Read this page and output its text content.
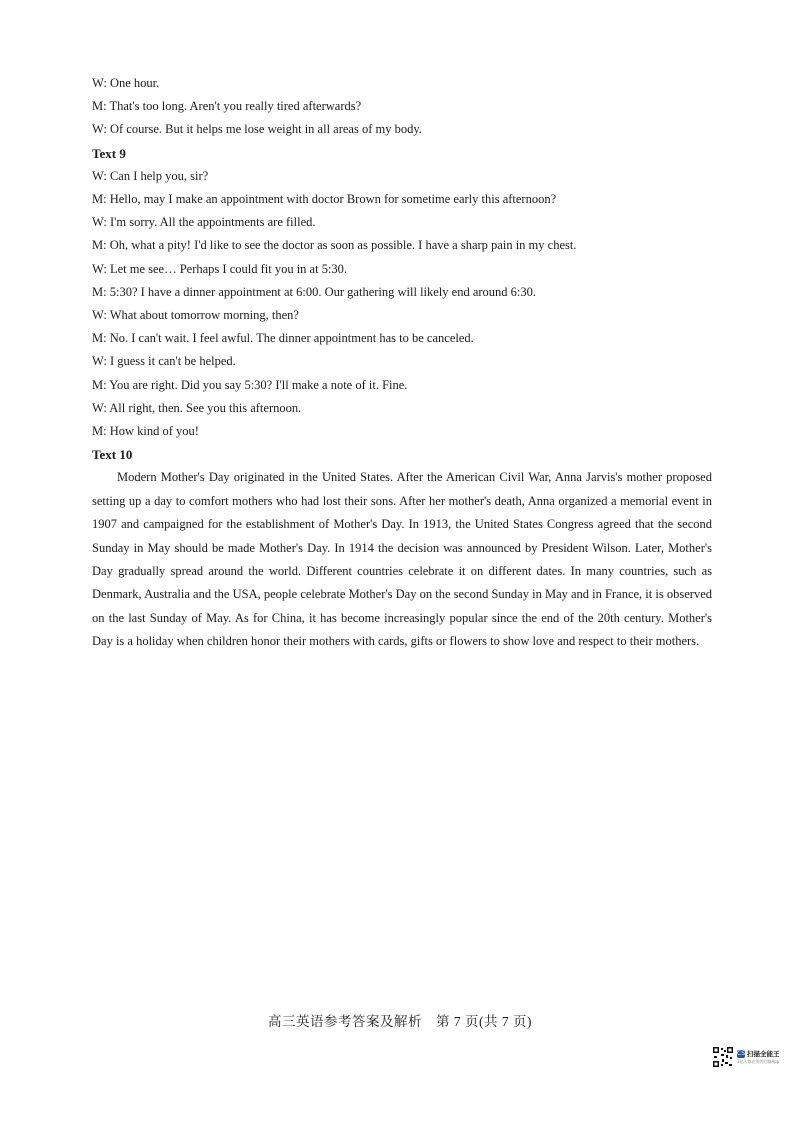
W: One hour.
M: That's too long. Aren't you really tired afterwards?
W: Of course. But it helps me lose weight in all areas of my body.
Text 9
W: Can I help you, sir?
M: Hello, may I make an appointment with doctor Brown for sometime early this afternoon?
W: I'm sorry. All the appointments are filled.
M: Oh, what a pity! I'd like to see the doctor as soon as possible. I have a sharp pain in my chest.
W: Let me see… Perhaps I could fit you in at 5:30.
M: 5:30? I have a dinner appointment at 6:00. Our gathering will likely end around 6:30.
W: What about tomorrow morning, then?
M: No. I can't wait. I feel awful. The dinner appointment has to be canceled.
W: I guess it can't be helped.
M: You are right. Did you say 5:30? I'll make a note of it. Fine.
W: All right, then. See you this afternoon.
M: How kind of you!
Text 10

Modern Mother's Day originated in the United States. After the American Civil War, Anna Jarvis's mother proposed setting up a day to comfort mothers who had lost their sons. After her mother's death, Anna organized a memorial event in 1907 and campaigned for the establishment of Mother's Day. In 1913, the United States Congress agreed that the second Sunday in May should be made Mother's Day. In 1914 the decision was announced by President Wilson. Later, Mother's Day gradually spread around the world. Different countries celebrate it on different dates. In many countries, such as Denmark, Australia and the USA, people celebrate Mother's Day on the second Sunday in May and in France, it is observed on the last Sunday of May. As for China, it has become increasingly popular since the end of the 20th century. Mother's Day is a holiday when children honor their mothers with cards, gifts or flowers to show love and respect to their mothers.

高三英语参考答案及解析　第 7 页(共 7 页)
CS 扫描全能王
3亿人都在用的扫描App
